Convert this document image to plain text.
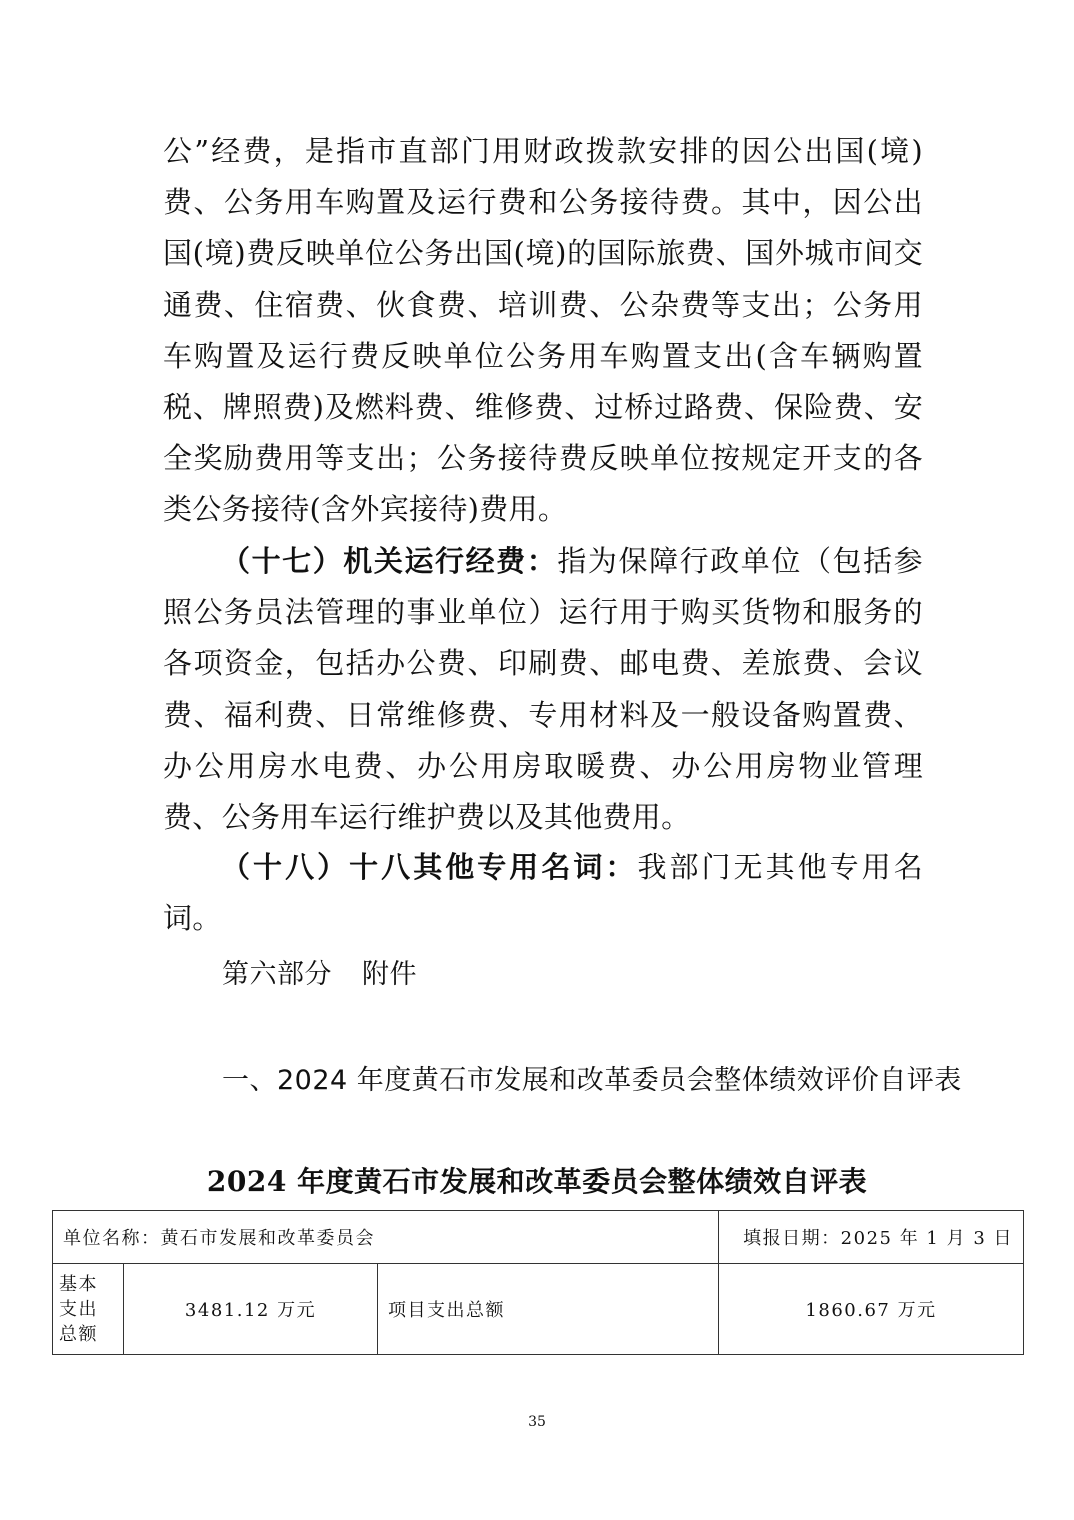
公”经费，是指市直部门用财政拨款安排的因公出国(境)费、公务用车购置及运行费和公务接待费。其中，因公出国(境)费反映单位公务出国(境)的国际旅费、国外城市间交通费、住宿费、伙食费、培训费、公杂费等支出；公务用车购置及运行费反映单位公务用车购置支出(含车辆购置税、牌照费)及燃料费、维修费、过桥过路费、保险费、安全奖励费用等支出；公务接待费反映单位按规定开支的各类公务接待(含外宾接待)费用。

（十七）机关运行经费：指为保障行政单位（包括参照公务员法管理的事业单位）运行用于购买货物和服务的各项资金，包括办公费、印刷费、邮电费、差旅费、会议费、福利费、日常维修费、专用材料及一般设备购置费、办公用房水电费、办公用房取暖费、办公用房物业管理费、公务用车运行维护费以及其他费用。

（十八）十八其他专用名词：我部门无其他专用名词。

第六部分 附件
一、2024 年度黄石市发展和改革委员会整体绩效评价自评表
2024 年度黄石市发展和改革委员会整体绩效自评表
单位名称：黄石市发展和改革委员会			填报日期：2025 年 1 月 3 日
基本支出总额	3481.12 万元	项目支出总额	1860.67 万元
35
